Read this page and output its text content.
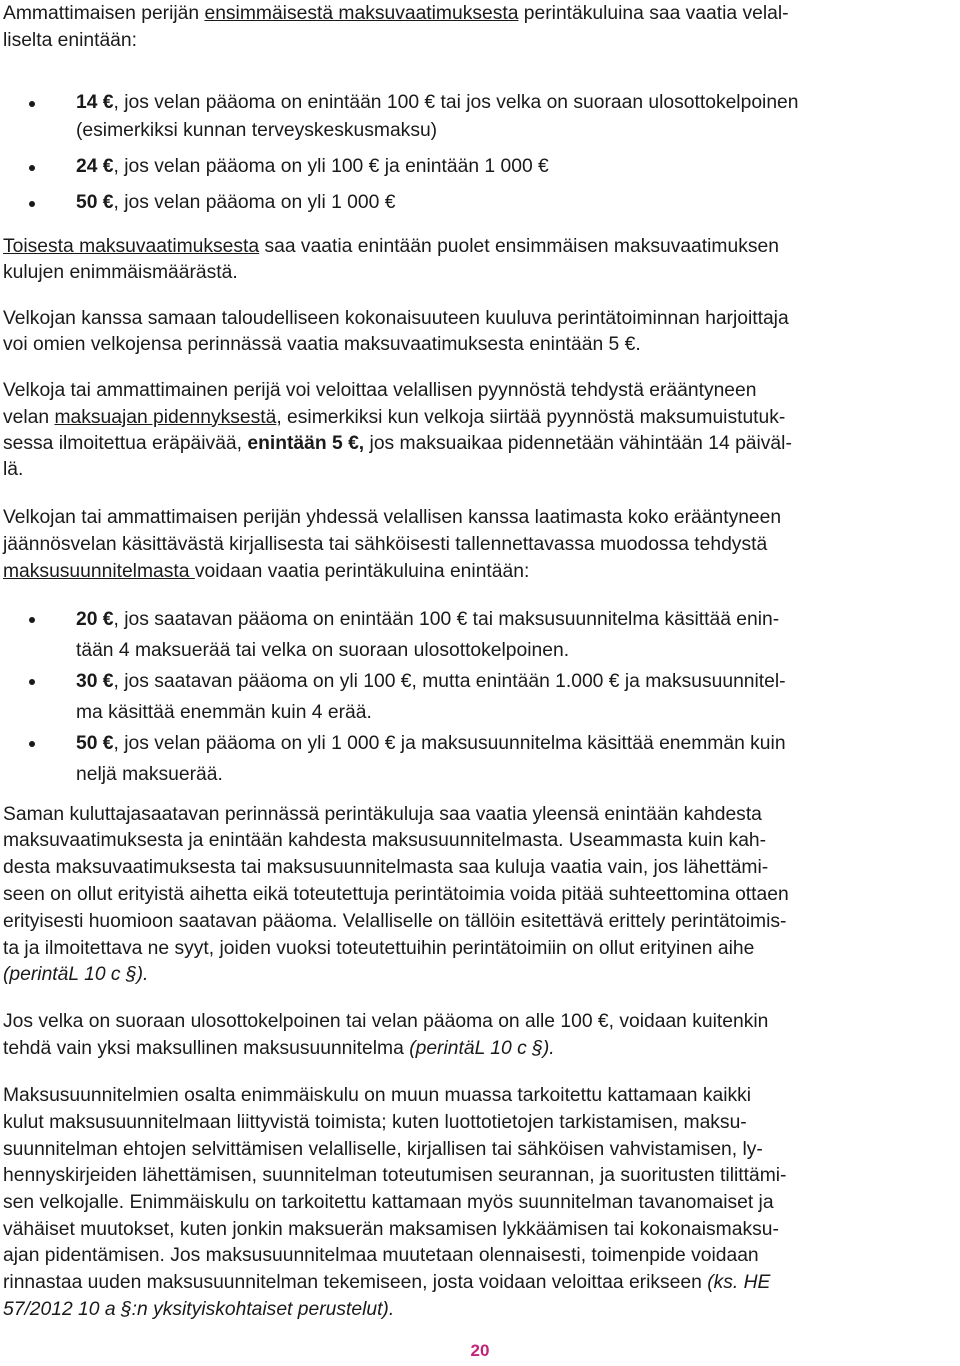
Ammattimaisen perijän ensimmäisestä maksuvaatimuksesta perintäkuluina saa vaatia velal-
liselta enintään:

14 €, jos velan pääoma on enintään 100 € tai jos velka on suoraan ulosottokelpoinen
(esimerkiksi kunnan terveyskeskusmaksu)
24 €, jos velan pääoma on yli 100 € ja enintään 1 000 €
50 €, jos velan pääoma on yli 1 000 €

Toisesta maksuvaatimuksesta saa vaatia enintään puolet ensimmäisen maksuvaatimuksen
kulujen enimmäismäärästä.

Velkojan kanssa samaan taloudelliseen kokonaisuuteen kuuluva perintätoiminnan harjoittaja
voi omien velkojensa perinnässä vaatia maksuvaatimuksesta enintään 5 €.

Velkoja tai ammattimainen perijä voi veloittaa velallisen pyynnöstä tehdystä erääntyneen
velan maksuajan pidennyksestä, esimerkiksi kun velkoja siirtää pyynnöstä maksumuistutuk-
sessa ilmoitettua eräpäivää, enintään 5 €, jos maksuaikaa pidennetään vähintään 14 päiväl-
lä.

Velkojan tai ammattimaisen perijän yhdessä velallisen kanssa laatimasta koko erääntyneen
jäännösvelan käsittävästä kirjallisesta tai sähköisesti tallennettavassa muodossa tehdystä
maksusuunnitelmasta voidaan vaatia perintäkuluina enintään:

20 €, jos saatavan pääoma on enintään 100 € tai maksusuunnitelma käsittää enin-
tään 4 maksuerää tai velka on suoraan ulosottokelpoinen.
30 €, jos saatavan pääoma on yli 100 €, mutta enintään 1.000 € ja maksusuunnitel-
ma käsittää enemmän kuin 4 erää.
50 €, jos velan pääoma on yli 1 000 € ja maksusuunnitelma käsittää enemmän kuin
neljä maksuerää.

Saman kuluttajasaatavan perinnässä perintäkuluja saa vaatia yleensä enintään kahdesta
maksuvaatimuksesta ja enintään kahdesta maksusuunnitelmasta. Useammasta kuin kah-
desta maksuvaatimuksesta tai maksusuunnitelmasta saa kuluja vaatia vain, jos lähettämi-
seen on ollut erityistä aihetta eikä toteutettuja perintätoimia voida pitää suhteettomina ottaen
erityisesti huomioon saatavan pääoma. Velalliselle on tällöin esitettävä erittely perintätoimis-
ta ja ilmoitettava ne syyt, joiden vuoksi toteutettuihin perintätoimiin on ollut erityinen aihe
(perintäL 10 c §).

Jos velka on suoraan ulosottokelpoinen tai velan pääoma on alle 100 €, voidaan kuitenkin
tehdä vain yksi maksullinen maksusuunnitelma (perintäL 10 c §).

Maksusuunnitelmien osalta enimmäiskulu on muun muassa tarkoitettu kattamaan kaikki
kulut maksusuunnitelmaan liittyvistä toimista; kuten luottotietojen tarkistamisen, maksu-
suunnitelman ehtojen selvittämisen velalliselle, kirjallisen tai sähköisen vahvistamisen, ly-
hennyskirjeiden lähettämisen, suunnitelman toteutumisen seurannan, ja suoritusten tilittämi-
sen velkojalle. Enimmäiskulu on tarkoitettu kattamaan myös suunnitelman tavanomaiset ja
vähäiset muutokset, kuten jonkin maksuerän maksamisen lykkäämisen tai kokonaismaksu-
ajan pidentämisen. Jos maksusuunnitelmaa muutetaan olennaisesti, toimenpide voidaan
rinnastaa uuden maksusuunnitelman tekemiseen, josta voidaan veloittaa erikseen (ks. HE
57/2012 10 a §:n yksityiskohtaiset perustelut).

20
